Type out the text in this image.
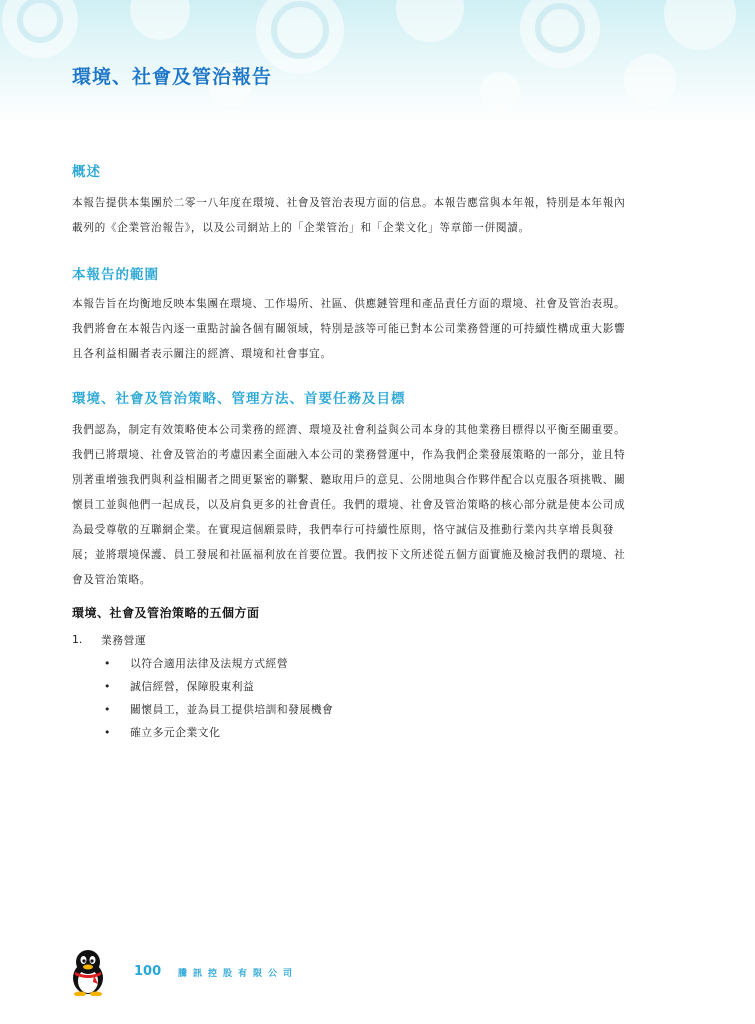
環境、社會及管治報告
概述
本報告提供本集團於二零一八年度在環境、社會及管治表現方面的信息。本報告應當與本年報，特別是本年報內
載列的《企業管治報告》，以及公司網站上的「企業管治」和「企業文化」等章節一併閱讀。
本報告的範圍
本報告旨在均衡地反映本集團在環境、工作場所、社區、供應鏈管理和產品責任方面的環境、社會及管治表現。
我們將會在本報告內逐一重點討論各個有關領域，特別是該等可能已對本公司業務營運的可持續性構成重大影響
且各利益相關者表示關注的經濟、環境和社會事宜。
環境、社會及管治策略、管理方法、首要任務及目標
我們認為，制定有效策略使本公司業務的經濟、環境及社會利益與公司本身的其他業務目標得以平衡至關重要。
我們已將環境、社會及管治的考慮因素全面融入本公司的業務營運中，作為我們企業發展策略的一部分，並且特
別著重增強我們與利益相關者之間更緊密的聯繫、聽取用戶的意見、公開地與合作夥伴配合以克服各項挑戰、關
懷員工並與他們一起成長，以及肩負更多的社會責任。我們的環境、社會及管治策略的核心部分就是使本公司成
為最受尊敬的互聯網企業。在實現這個願景時，我們奉行可持續性原則，恪守誠信及推動行業內共享增長與發
展；並將環境保護、員工發展和社區福利放在首要位置。我們按下文所述從五個方面實施及檢討我們的環境、社
會及管治策略。
環境、社會及管治策略的五個方面
1. 業務營運
• 以符合適用法律及法規方式經營
• 誠信經營，保障股東利益
• 關懷員工，並為員工提供培訓和發展機會
• 確立多元企業文化
100 騰訊控股有限公司
